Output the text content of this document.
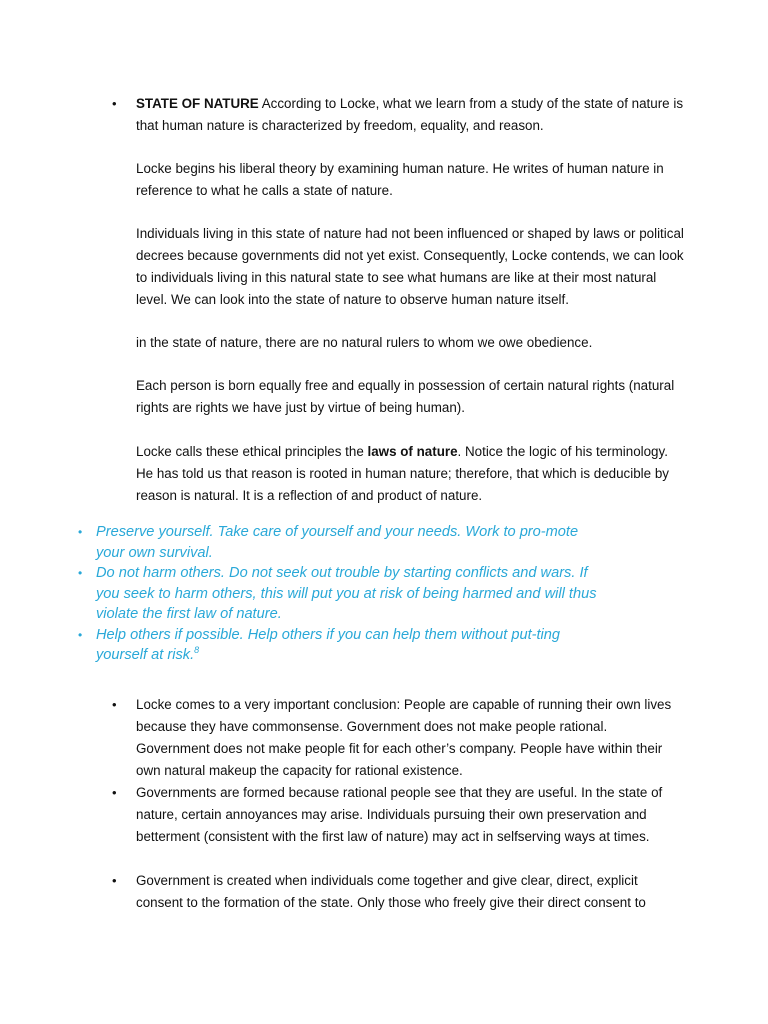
• STATE OF NATURE According to Locke, what we learn from a study of the state of nature is that human nature is characterized by freedom, equality, and reason.

Locke begins his liberal theory by examining human nature. He writes of human nature in reference to what he calls a state of nature.

Individuals living in this state of nature had not been influenced or shaped by laws or political decrees because governments did not yet exist. Consequently, Locke contends, we can look to individuals living in this natural state to see what humans are like at their most natural level. We can look into the state of nature to observe human nature itself.

in the state of nature, there are no natural rulers to whom we owe obedience.

Each person is born equally free and equally in possession of certain natural rights (natural rights are rights we have just by virtue of being human).

Locke calls these ethical principles the laws of nature. Notice the logic of his terminology. He has told us that reason is rooted in human nature; therefore, that which is deducible by reason is natural. It is a reflection of and product of nature.

• Preserve yourself. Take care of yourself and your needs. Work to pro-mote your own survival.

• Do not harm others. Do not seek out trouble by starting conflicts and wars. If you seek to harm others, this will put you at risk of being harmed and will thus violate the first law of nature.

• Help others if possible. Help others if you can help them without put-ting yourself at risk.$^8$

• Locke comes to a very important conclusion: People are capable of running their own lives because they have commonsense. Government does not make people rational. Government does not make people fit for each other’s company. People have within their own natural makeup the capacity for rational existence.

• Governments are formed because rational people see that they are useful. In the state of nature, certain annoyances may arise. Individuals pursuing their own preservation and betterment (consistent with the first law of nature) may act in selfserving ways at times.

• Government is created when individuals come together and give clear, direct, explicit consent to the formation of the state. Only those who freely give their direct consent to
